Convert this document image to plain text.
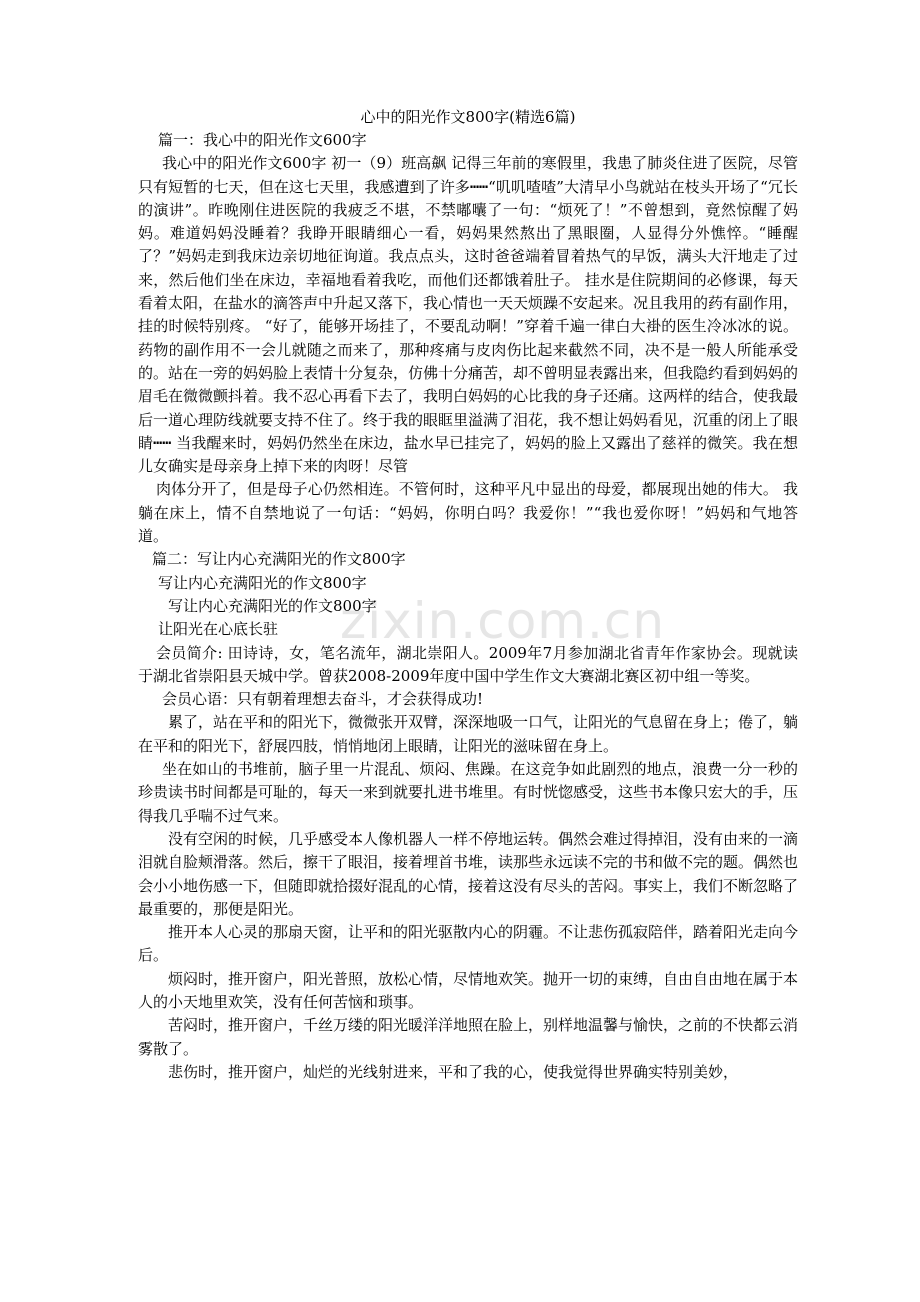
zixin.com.cn

心中的阳光作文800字(精选6篇)

篇一：我心中的阳光作文600字

我心中的阳光作文600字 初一（9）班高飙 记得三年前的寒假里，我患了肺炎住进了医院，尽管只有短暂的七天，但在这七天里，我感遭到了许多┅┅“叽叽喳喳”大清早小鸟就站在枝头开场了“冗长的演讲”。昨晚刚住进医院的我疲乏不堪，不禁嘟囔了一句：“烦死了！”不曾想到，竟然惊醒了妈妈。难道妈妈没睡着？我睁开眼睛细心一看，妈妈果然熬出了黑眼圈，人显得分外憔悴。“睡醒了？”妈妈走到我床边亲切地征询道。我点点头，这时爸爸端着冒着热气的早饭，满头大汗地走了过来，然后他们坐在床边，幸福地看着我吃，而他们还都饿着肚子。 挂水是住院期间的必修课，每天看着太阳，在盐水的滴答声中升起又落下，我心情也一天天烦躁不安起来。况且我用的药有副作用，挂的时候特别疼。 “好了，能够开场挂了，不要乱动啊！”穿着千遍一律白大褂的医生冷冰冰的说。药物的副作用不一会儿就随之而来了，那种疼痛与皮肉伤比起来截然不同，决不是一般人所能承受的。站在一旁的妈妈脸上表情十分复杂，仿佛十分痛苦，却不曾明显表露出来，但我隐约看到妈妈的眉毛在微微颤抖着。我不忍心再看下去了，我明白妈妈的心比我的身子还痛。这两样的结合，使我最后一道心理防线就要支持不住了。终于我的眼眶里溢满了泪花，我不想让妈妈看见，沉重的闭上了眼睛┅┅ 当我醒来时，妈妈仍然坐在床边，盐水早已挂完了，妈妈的脸上又露出了慈祥的微笑。我在想儿女确实是母亲身上掉下来的肉呀！尽管

肉体分开了，但是母子心仍然相连。不管何时，这种平凡中显出的母爱，都展现出她的伟大。 我躺在床上，情不自禁地说了一句话：“妈妈，你明白吗？我爱你！”“我也爱你呀！”妈妈和气地答道。

篇二：写让内心充满阳光的作文800字

写让内心充满阳光的作文800字

写让内心充满阳光的作文800字

让阳光在心底长驻

会员简介: 田诗诗，女，笔名流年，湖北崇阳人。2009年7月参加湖北省青年作家协会。现就读于湖北省崇阳县天城中学。曾获2008-2009年度中国中学生作文大赛湖北赛区初中组一等奖。

会员心语：只有朝着理想去奋斗，才会获得成功!

累了，站在平和的阳光下，微微张开双臂，深深地吸一口气，让阳光的气息留在身上；倦了，躺在平和的阳光下，舒展四肢，悄悄地闭上眼睛，让阳光的滋味留在身上。

坐在如山的书堆前，脑子里一片混乱、烦闷、焦躁。在这竞争如此剧烈的地点，浪费一分一秒的珍贵读书时间都是可耻的，每天一来到就要扎进书堆里。有时恍惚感受，这些书本像只宏大的手，压得我几乎喘不过气来。

没有空闲的时候，几乎感受本人像机器人一样不停地运转。偶然会难过得掉泪，没有由来的一滴泪就自脸颊滑落。然后，擦干了眼泪，接着埋首书堆，读那些永远读不完的书和做不完的题。偶然也会小小地伤感一下，但随即就拾掇好混乱的心情，接着这没有尽头的苦闷。事实上，我们不断忽略了最重要的，那便是阳光。

推开本人心灵的那扇天窗，让平和的阳光驱散内心的阴霾。不让悲伤孤寂陪伴，踏着阳光走向今后。

烦闷时，推开窗户，阳光普照，放松心情，尽情地欢笑。抛开一切的束缚，自由自由地在属于本人的小天地里欢笑，没有任何苦恼和琐事。

苦闷时，推开窗户，千丝万缕的阳光暖洋洋地照在脸上，别样地温馨与愉快，之前的不快都云消雾散了。

悲伤时，推开窗户，灿烂的光线射进来，平和了我的心，使我觉得世界确实特别美妙，
